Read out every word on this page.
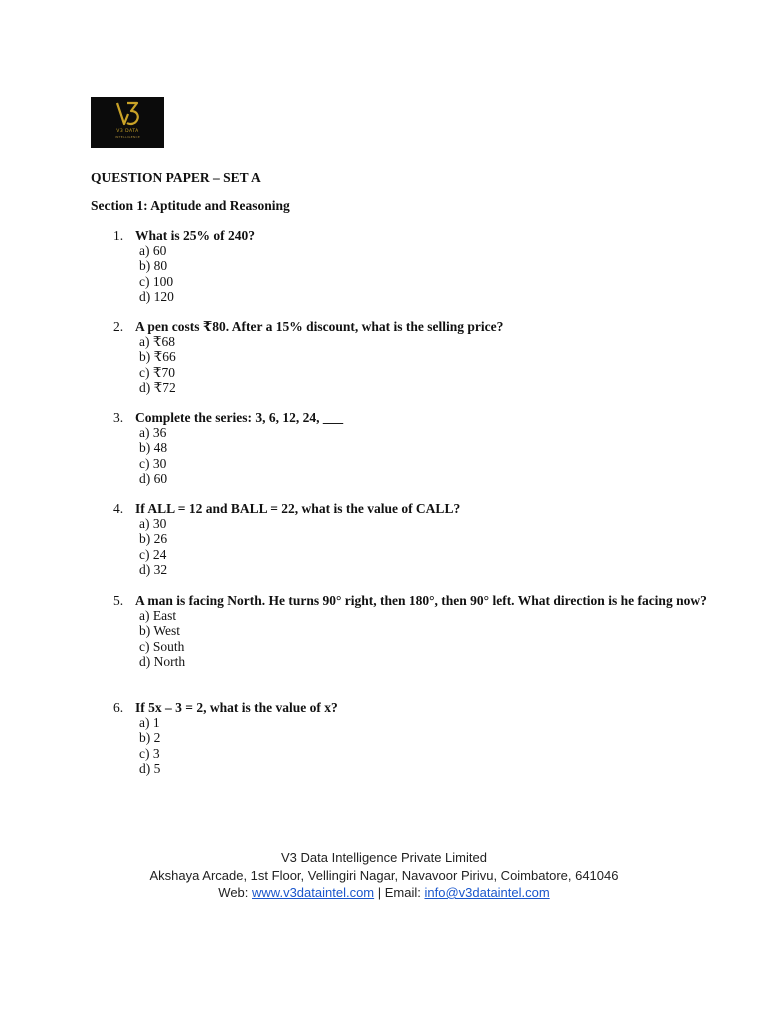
V3 DATA
INTELLIGENCE
QUESTION PAPER – SET A
Section 1: Aptitude and Reasoning
1. What is 25% of 240?
a) 60
b) 80
c) 100
d) 120
2. A pen costs ₹80. After a 15% discount, what is the selling price?
a) ₹68
b) ₹66
c) ₹70
d) ₹72
3. Complete the series: 3, 6, 12, 24, ___
a) 36
b) 48
c) 30
d) 60
4. If ALL = 12 and BALL = 22, what is the value of CALL?
a) 30
b) 26
c) 24
d) 32
5. A man is facing North. He turns 90° right, then 180°, then 90° left. What direction is he facing now?
a) East
b) West
c) South
d) North
6. If 5x – 3 = 2, what is the value of x?
a) 1
b) 2
c) 3
d) 5
V3 Data Intelligence Private Limited
Akshaya Arcade, 1st Floor, Vellingiri Nagar, Navavoor Pirivu, Coimbatore, 641046
Web: www.v3dataintel.com | Email: info@v3dataintel.com
